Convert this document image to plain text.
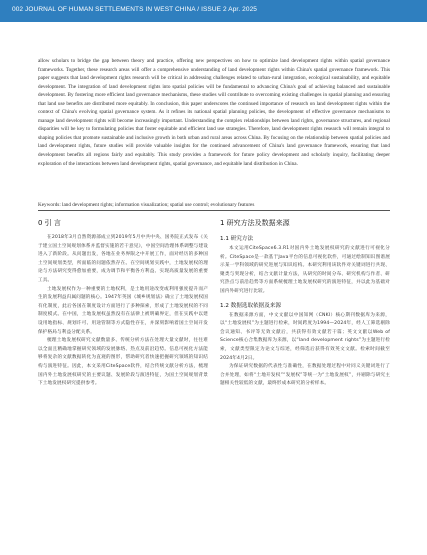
002 JOURNAL OF HUMAN SETTLEMENTS IN WEST CHINA / ISSUE 2 Apr. 2025
allow scholars to bridge the gap between theory and practice, offering new perspectives on how to optimize land development rights within spatial governance frameworks. Together, these research areas will offer a comprehensive understanding of land development rights within China's spatial governance framework. This paper suggests that land development rights research will be critical in addressing challenges related to urban-rural integration, ecological sustainability, and equitable development. The integration of land development rights into spatial policies will be fundamental to advancing China's goal of achieving balanced and sustainable development. By fostering more efficient land governance mechanisms, these studies will contribute to overcoming existing challenges in spatial planning and ensuring that land use benefits are distributed more equitably. In conclusion, this paper underscores the continued importance of research on land development rights within the context of China's evolving spatial governance system. As it refines its national spatial planning policies, the development of effective governance mechanisms to manage land development rights will become increasingly important. Understanding the complex relationships between land rights, governance structures, and regional disparities will be key to formulating policies that foster equitable and efficient land use strategies. Therefore, land development rights research will remain integral to shaping policies that promote sustainable and inclusive growth in both urban and rural areas across China. By focusing on the relationship between spatial policies and land development rights, future studies will provide valuable insights for the continued advancement of China's land governance framework, ensuring that land development benefits all regions fairly and equitably. This study provides a framework for future policy development and scholarly inquiry, facilitating deeper exploration of the interactions between land development rights, spatial governance, and equitable land distribution in China.
Keywords: land development rights; information visualization; spatial use control; evolutionary features
0 引 言

在2018年3月自然资源部成立到2019年5月中共中央、国务院正式发布《关于建立国土空间规划体系并监督实施的若干意见》，中国空间治理体系调整与建设进入了新阶段。从问题出发，各地在业务界限之中开展工作，面对经历的多种国土空间规划类型，所面临的问题依然存在。在空间规划实践中，土地发展权的理论与方法研究变得愈加重要，成为调节和平衡各方利益、实现高质量发展的重要工具。

土地发展权作为一种重要的土地权利，是土地用途改变或利用强度提升而产生的发展利益归属问题的核心。1947年英国《城乡规划法》确立了土地发展权国有化制度，此后各国在制度设计方面进行了多种探索，形成了土地发展权的不同制度模式。在中国，土地发展权虽然没有在法律上被明确界定，但在实践中以建设用地指标、规划许可、用途管制等方式隐性存在，并深刻影响着国土空间开发保护格局与利益分配关系。

梳理土地发展权研究文献数量多、传统分析方法在处理大量文献时，往往难以全面且精确地掌握研究领域的发展脉络、热点及前沿趋势。信息可视化方法能够将复杂的文献数据转化为直观的图形，帮助研究者快速把握研究领域的知识结构与演进特征。因此，本文采用CiteSpace软件，结合传统文献分析方法，梳理国内外土地发展权研究的主要议题、发展阶段与演进特征，为国土空间规划背景下土地发展权研究提供参考。

1 研究方法及数据来源
1.1 研究方法

本文运用CiteSpace6.3.R1对国内外土地发展权研究的文献进行可视化分析。CiteSpace是一款基于Java平台的信息可视化软件，可通过绘制知识图谱展示某一学科领域的研究进展与知识结构。本研究利用该软件对关键词进行共现、聚类与突现分析，结合文献计量方法，从研究的时间分布、研究机构与作者、研究热点与前沿趋势等方面系统梳理土地发展权研究的演进特征，并以此为基础对国内外研究进行比较。

1.2 数据选取依据及来源

在数据来源方面，中文文献以中国知网（CNKI）核心期刊数据库为来源，以“土地发展权”为主题进行检索，时间跨度为1994—2024年，经人工筛选剔除会议通知、书评等无效文献后，共获得有效文献若干篇；英文文献以Web of Science核心合集数据库为来源，以“land development rights”为主题进行检索，文献类型限定为论文与综述，经筛选后获得有效英文文献。检索时间截至2024年4月2日。

为保证研究数据的代表性与准确性，在数据处理过程中对同义关键词进行了合并处理，如将“土地开发权”“发展权”等统一为“土地发展权”，并剔除与研究主题相关性较低的文献，最终形成本研究的分析样本。
